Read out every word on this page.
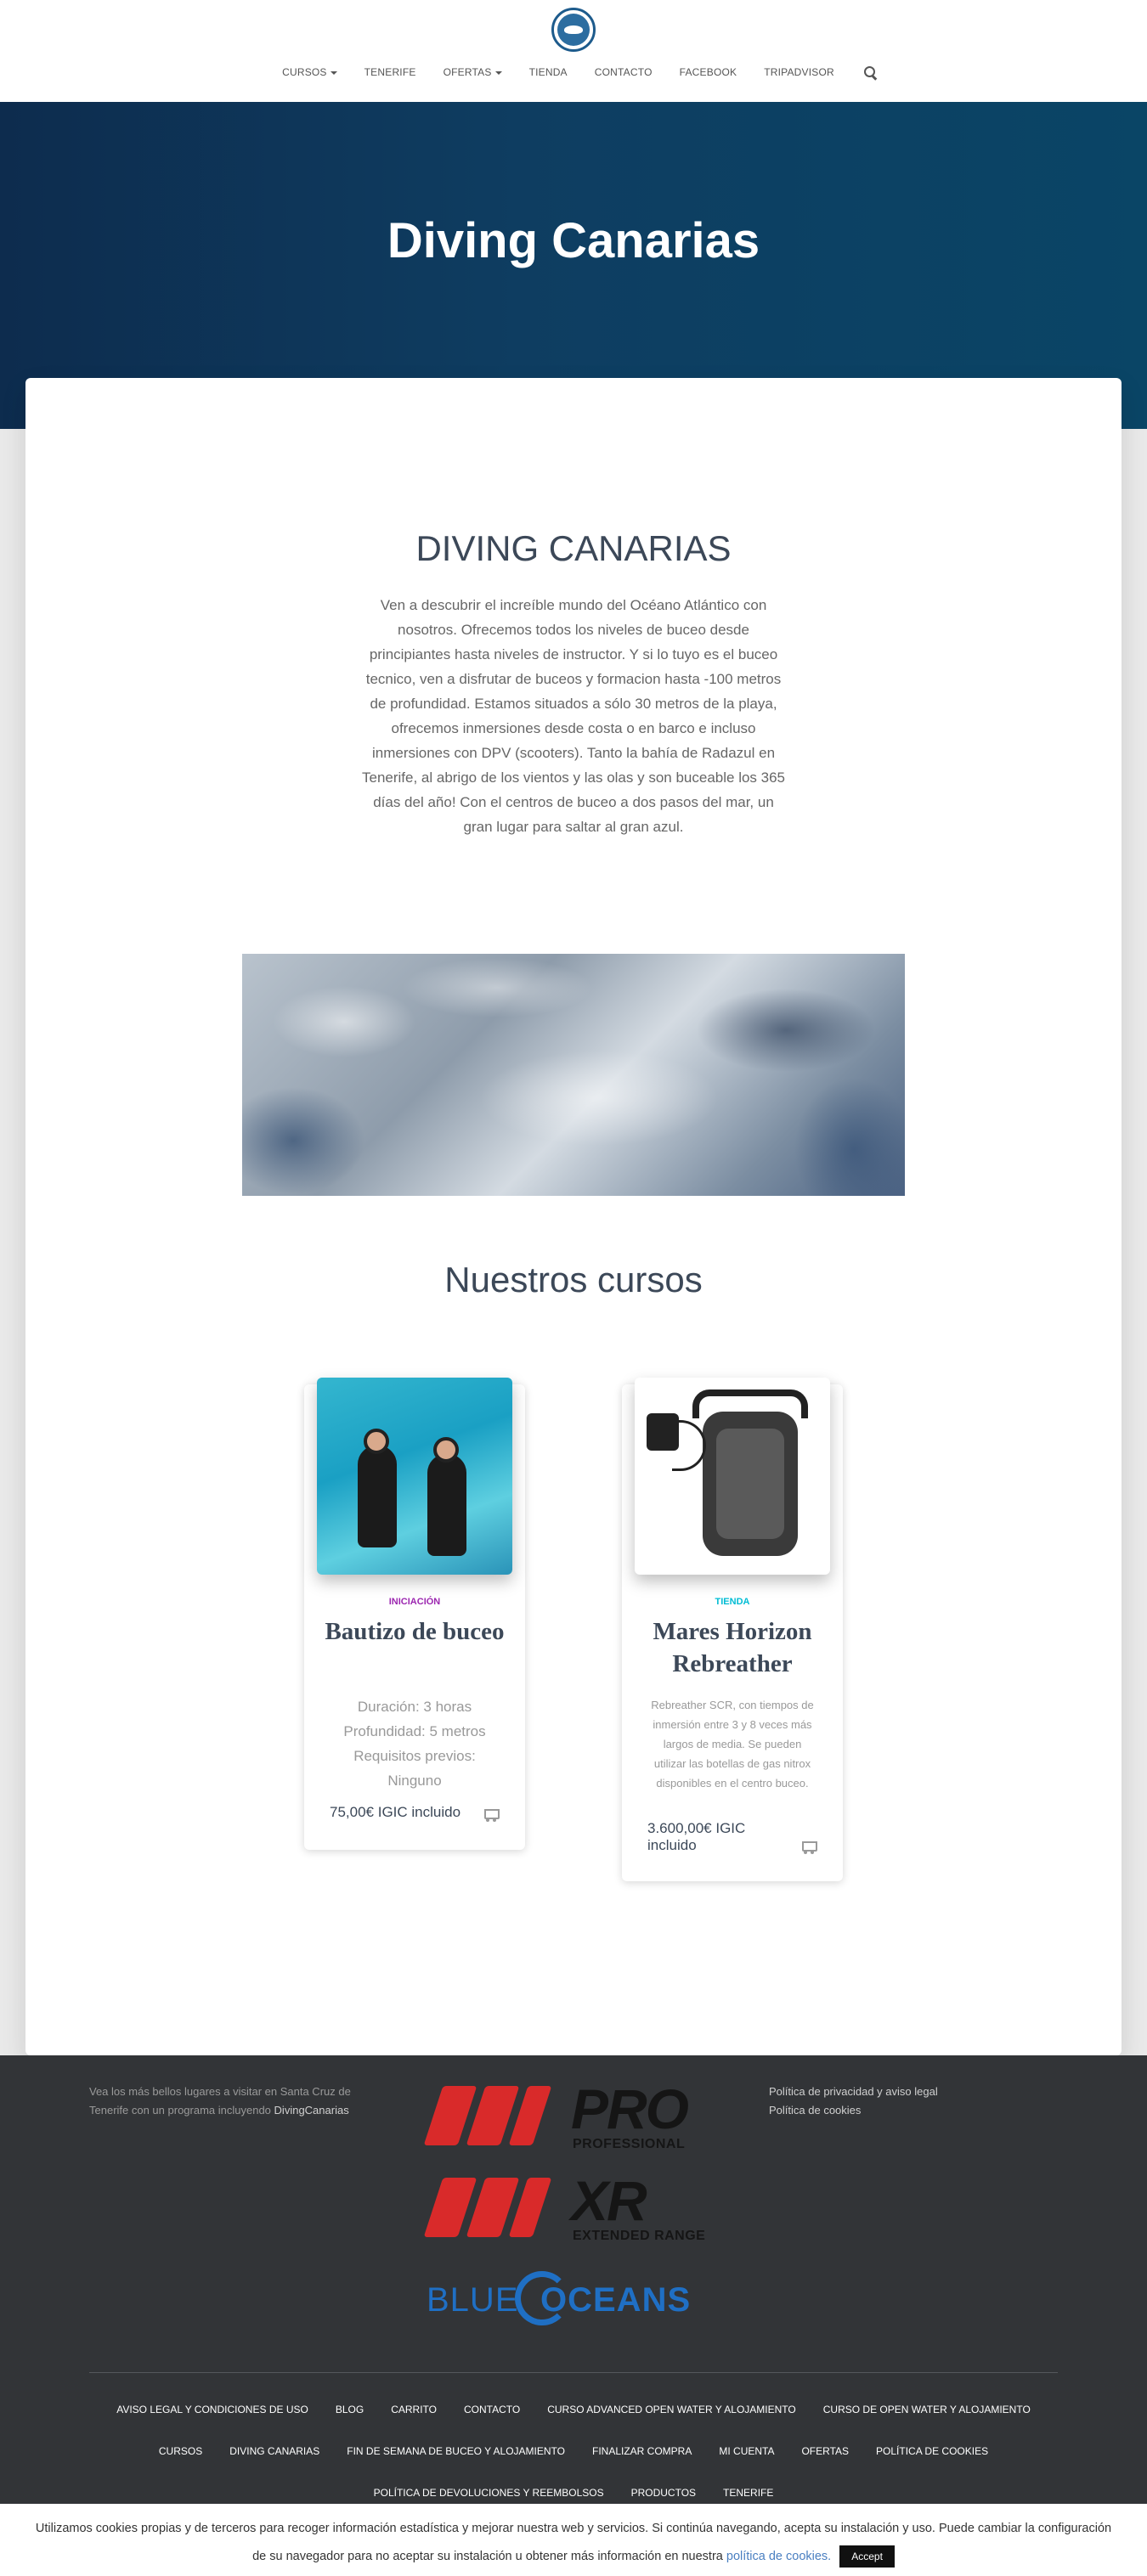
CURSOS	TENERIFE	OFERTAS	TIENDA	CONTACTO	FACEBOOK	TRIPADVISOR
Diving Canarias
DIVING CANARIAS
Ven a descubrir el increíble mundo del Océano Atlántico con nosotros. Ofrecemos todos los niveles de buceo desde principiantes hasta niveles de instructor. Y si lo tuyo es el buceo tecnico, ven a disfrutar de buceos y formacion hasta -100 metros de profundidad. Estamos situados a sólo 30 metros de la playa, ofrecemos inmersiones desde costa o en barco e incluso inmersiones con DPV (scooters). Tanto la bahía de Radazul en Tenerife, al abrigo de los vientos y las olas y son buceable los 365 días del año! Con el centros de buceo a dos pasos del mar, un gran lugar para saltar al gran azul.
Nuestros cursos
INICIACIÓN
Bautizo de buceo
Duración: 3 horas
Profundidad: 5 metros
Requisitos previos:
Ninguno
75,00€ IGIC incluido
TIENDA
Mares Horizon Rebreather
Rebreather SCR, con tiempos de inmersión entre 3 y 8 veces más largos de media. Se pueden utilizar las botellas de gas nitrox disponibles en el centro buceo.
3.600,00€ IGIC incluido
Vea los más bellos lugares a visitar en Santa Cruz de Tenerife con un programa incluyendo DivingCanarias
Política de privacidad y aviso legal
Política de cookies
PRO
PROFESSIONAL
XR
EXTENDED RANGE
BLUE OCEANS
AVISO LEGAL Y CONDICIONES DE USO	BLOG	CARRITO	CONTACTO	CURSO ADVANCED OPEN WATER Y ALOJAMIENTO	CURSO DE OPEN WATER Y ALOJAMIENTO
CURSOS	DIVING CANARIAS	FIN DE SEMANA DE BUCEO Y ALOJAMIENTO	FINALIZAR COMPRA	MI CUENTA	OFERTAS	POLÍTICA DE COOKIES
POLÍTICA DE DEVOLUCIONES Y REEMBOLSOS	PRODUCTOS	TENERIFE
Utilizamos cookies propias y de terceros para recoger información estadística y mejorar nuestra web y servicios. Si continúa navegando, acepta su instalación y uso. Puede cambiar la configuración de su navegador para no aceptar su instalación u obtener más información en nuestra política de cookies. Accept
